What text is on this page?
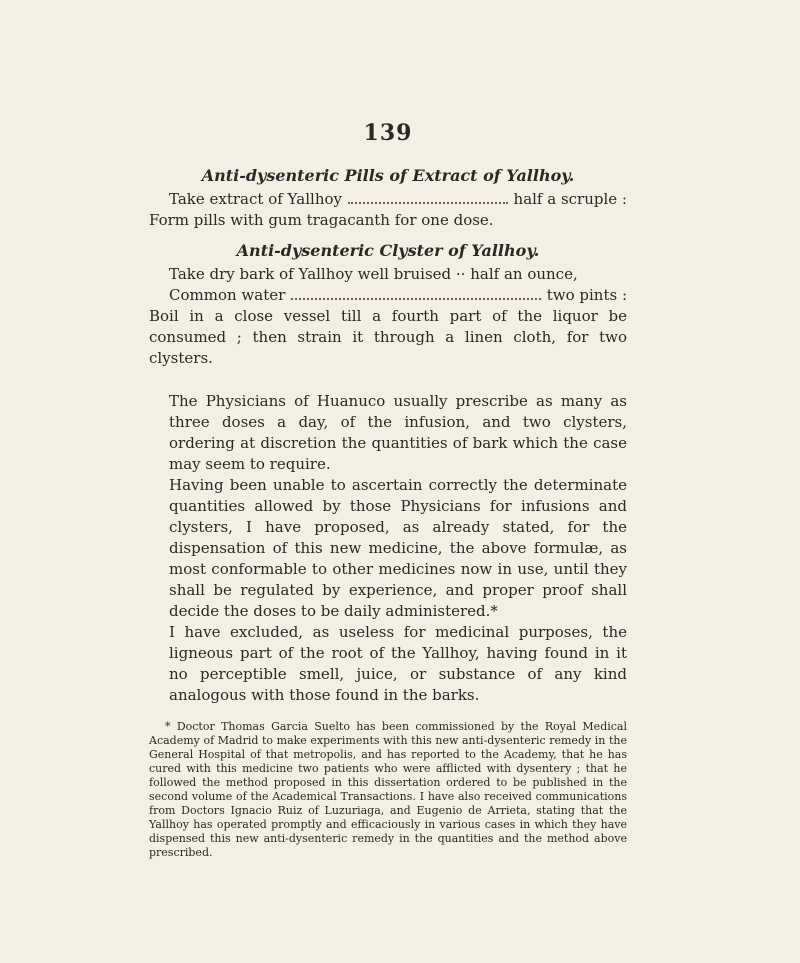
139
Anti-dysenteric Pills of Extract of Yallhoy.
Take extract of Yallhoy	half a scruple :
Form pills with gum tragacanth for one dose.
Anti-dysenteric Clyster of Yallhoy.
Take dry bark of Yallhoy well bruised ·· half an ounce,
Common water	two pints :
Boil in a close vessel till a fourth part of the liquor be consumed ; then strain it through a linen cloth, for two clysters.

The Physicians of Huanuco usually prescribe as many as three doses a day, of the infusion, and two clysters, ordering at discretion the quantities of bark which the case may seem to require.

Having been unable to ascertain correctly the determinate quantities allowed by those Physicians for infusions and clysters, I have proposed, as already stated, for the dispensation of this new medicine, the above formulæ, as most conformable to other medicines now in use, until they shall be regulated by experience, and proper proof shall decide the doses to be daily administered.*

I have excluded, as useless for medicinal purposes, the ligneous part of the root of the Yallhoy, having found in it no perceptible smell, juice, or substance of any kind analogous with those found in the barks.

* Doctor Thomas Garcia Suelto has been commissioned by the Royal Medical Academy of Madrid to make experiments with this new anti-dysenteric remedy in the General Hospital of that metropolis, and has reported to the Academy, that he has cured with this medicine two patients who were afflicted with dysentery ; that he followed the method proposed in this dissertation ordered to be published in the second volume of the Academical Transactions. I have also received communications from Doctors Ignacio Ruiz of Luzuriaga, and Eugenio de Arrieta, stating that the Yallhoy has operated promptly and efficaciously in various cases in which they have dispensed this new anti-dysenteric remedy in the quantities and the method above prescribed.
